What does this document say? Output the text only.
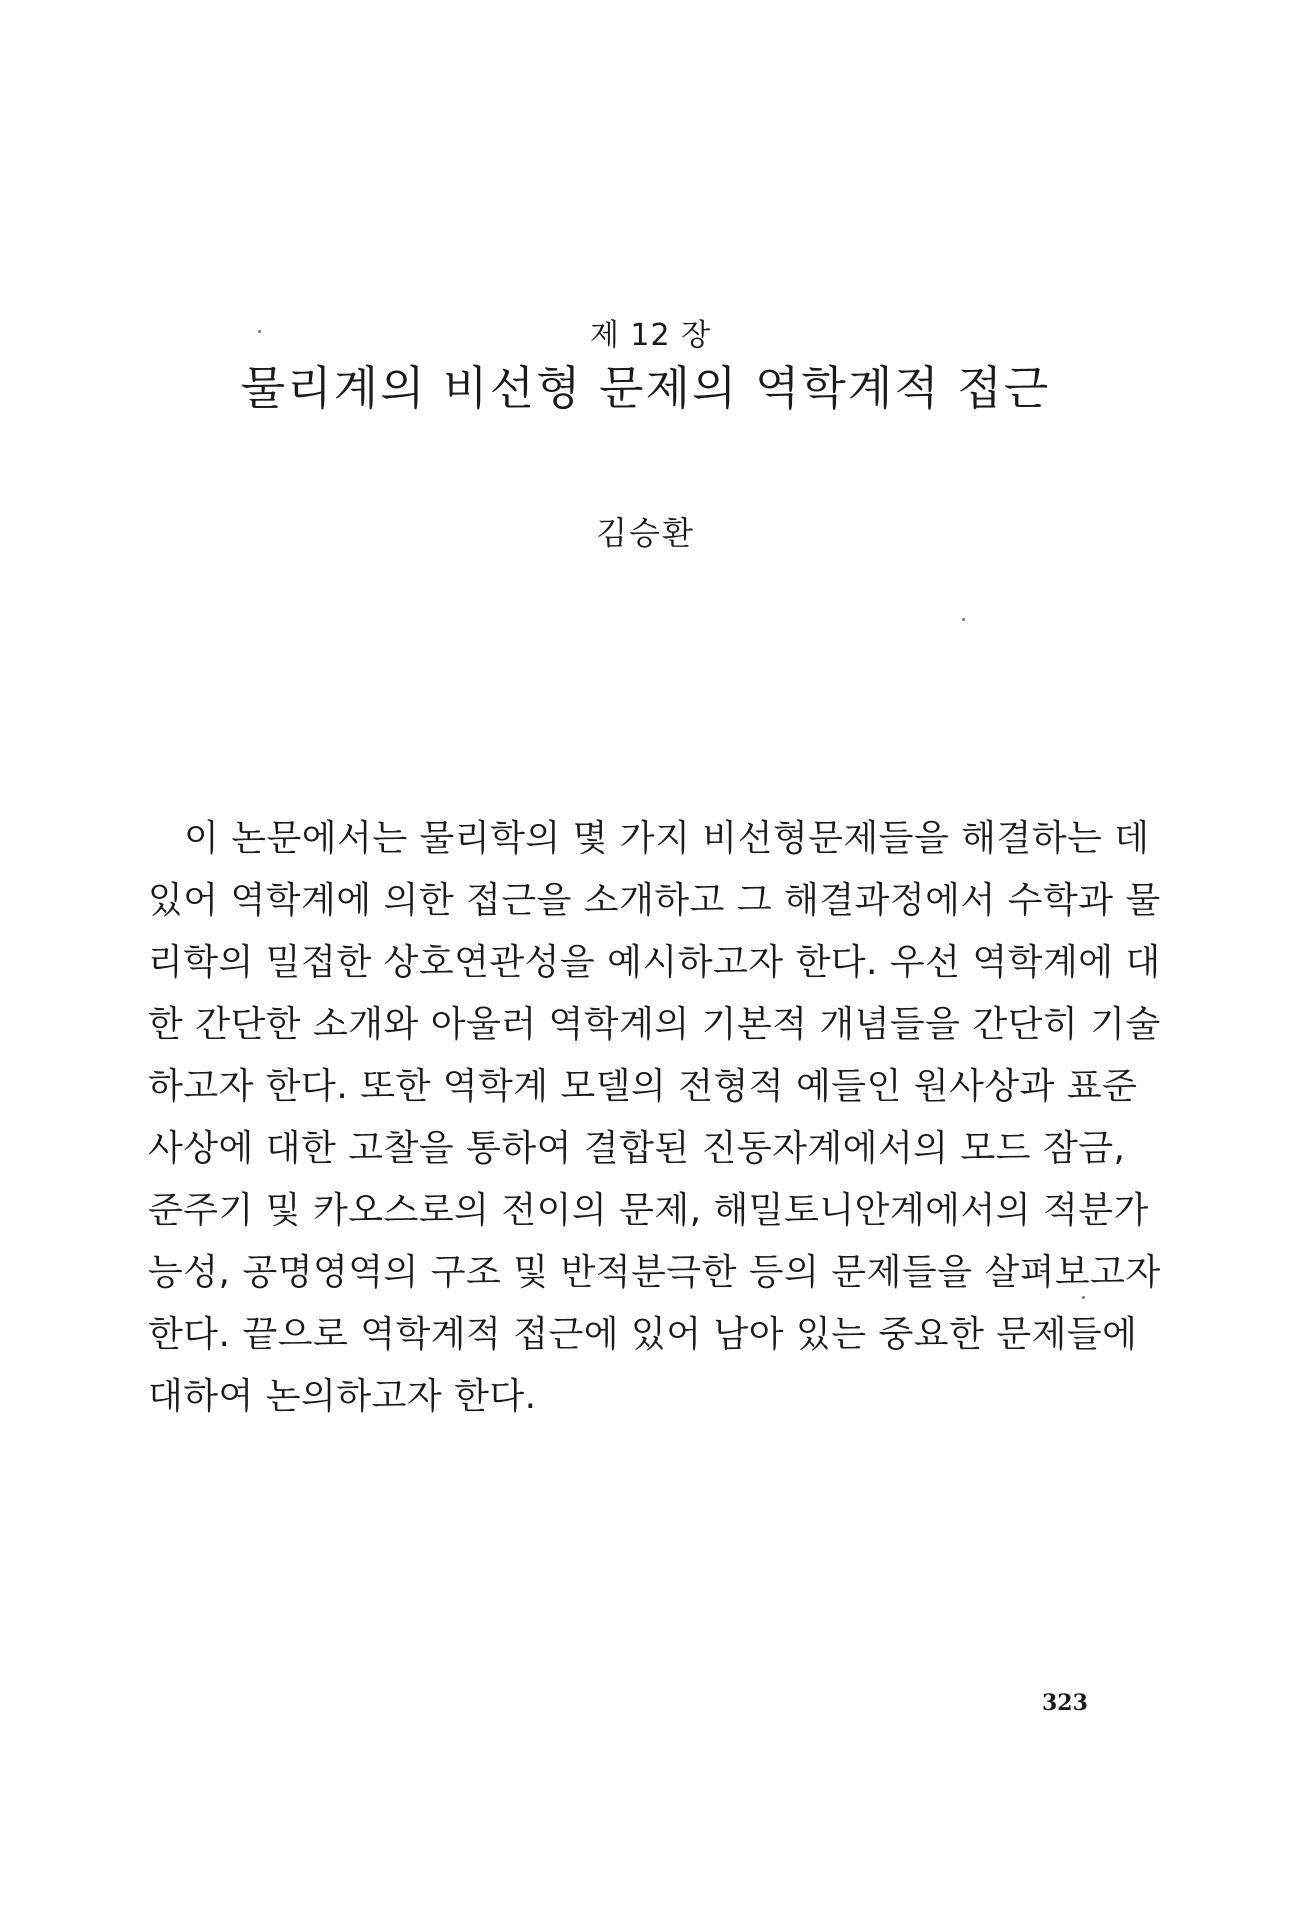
제 12 장
물리계의 비선형 문제의 역학계적 접근
김승환

이 논문에서는 물리학의 몇 가지 비선형문제들을 해결하는 데
있어 역학계에 의한 접근을 소개하고 그 해결과정에서 수학과 물
리학의 밀접한 상호연관성을 예시하고자 한다. 우선 역학계에 대
한 간단한 소개와 아울러 역학계의 기본적 개념들을 간단히 기술
하고자 한다. 또한 역학계 모델의 전형적 예들인 원사상과 표준
사상에 대한 고찰을 통하여 결합된 진동자계에서의 모드 잠금,
준주기 및 카오스로의 전이의 문제, 해밀토니안계에서의 적분가
능성, 공명영역의 구조 및 반적분극한 등의 문제들을 살펴보고자
한다. 끝으로 역학계적 접근에 있어 남아 있는 중요한 문제들에
대하여 논의하고자 한다.

323
